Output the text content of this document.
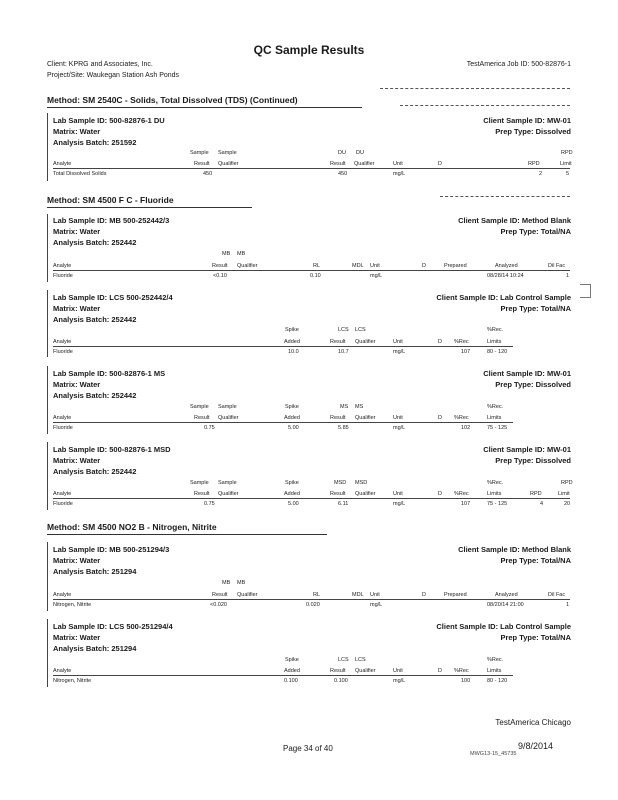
QC Sample Results
Client: KPRG and Associates, Inc.
Project/Site: Waukegan Station Ash Ponds
TestAmerica Job ID: 500-82876-1
Method: SM 2540C - Solids, Total Dissolved (TDS) (Continued)
Lab Sample ID: 500-82876-1 DU
Matrix: Water
Analysis Batch: 251592
Client Sample ID: MW-01
Prep Type: Dissolved
Sample Sample	DU DU	RPD
Analyte	Result Qualifier	Result Qualifier	Unit	D	RPD	Limit
Total Dissolved Solids	450	450	mg/L	2	5
Method: SM 4500 F C - Fluoride
Lab Sample ID: MB 500-252442/3
Matrix: Water
Analysis Batch: 252442
Client Sample ID: Method Blank
Prep Type: Total/NA
MB MB
Analyte	Result Qualifier	RL	MDL Unit	D	Prepared	Analyzed	Dil Fac
Fluoride	<0.10	0.10	mg/L	08/28/14 10:24	1
Lab Sample ID: LCS 500-252442/4
Matrix: Water
Analysis Batch: 252442
Client Sample ID: Lab Control Sample
Prep Type: Total/NA
Spike	LCS LCS	%Rec.
Analyte	Added	Result Qualifier	Unit	D %Rec	Limits
Fluoride	10.0	10.7	mg/L	107	80 - 120
Lab Sample ID: 500-82876-1 MS
Matrix: Water
Analysis Batch: 252442
Client Sample ID: MW-01
Prep Type: Dissolved
Sample Sample	Spike	MS MS	%Rec.
Analyte	Result Qualifier	Added	Result Qualifier	Unit	D %Rec	Limits
Fluoride	0.75	5.00	5.85	mg/L	102	75 - 125
Lab Sample ID: 500-82876-1 MSD
Matrix: Water
Analysis Batch: 252442
Client Sample ID: MW-01
Prep Type: Dissolved
Sample Sample	Spike	MSD MSD	%Rec.	RPD
Analyte	Result Qualifier	Added	Result Qualifier	Unit	D %Rec	Limits	RPD	Limit
Fluoride	0.75	5.00	6.11	mg/L	107	75 - 125	4	20
Method: SM 4500 NO2 B - Nitrogen, Nitrite
Lab Sample ID: MB 500-251294/3
Matrix: Water
Analysis Batch: 251294
Client Sample ID: Method Blank
Prep Type: Total/NA
MB MB
Analyte	Result Qualifier	RL	MDL Unit	D	Prepared	Analyzed	Dil Fac
Nitrogen, Nitrite	<0.020	0.020	mg/L	08/20/14 21:00	1
Lab Sample ID: LCS 500-251294/4
Matrix: Water
Analysis Batch: 251294
Client Sample ID: Lab Control Sample
Prep Type: Total/NA
Spike	LCS LCS	%Rec.
Analyte	Added	Result Qualifier	Unit	D %Rec	Limits
Nitrogen, Nitrite	0.100	0.100	mg/L	100	80 - 120
TestAmerica Chicago
Page 34 of 40	9/8/2014
MWG13-15_45735
